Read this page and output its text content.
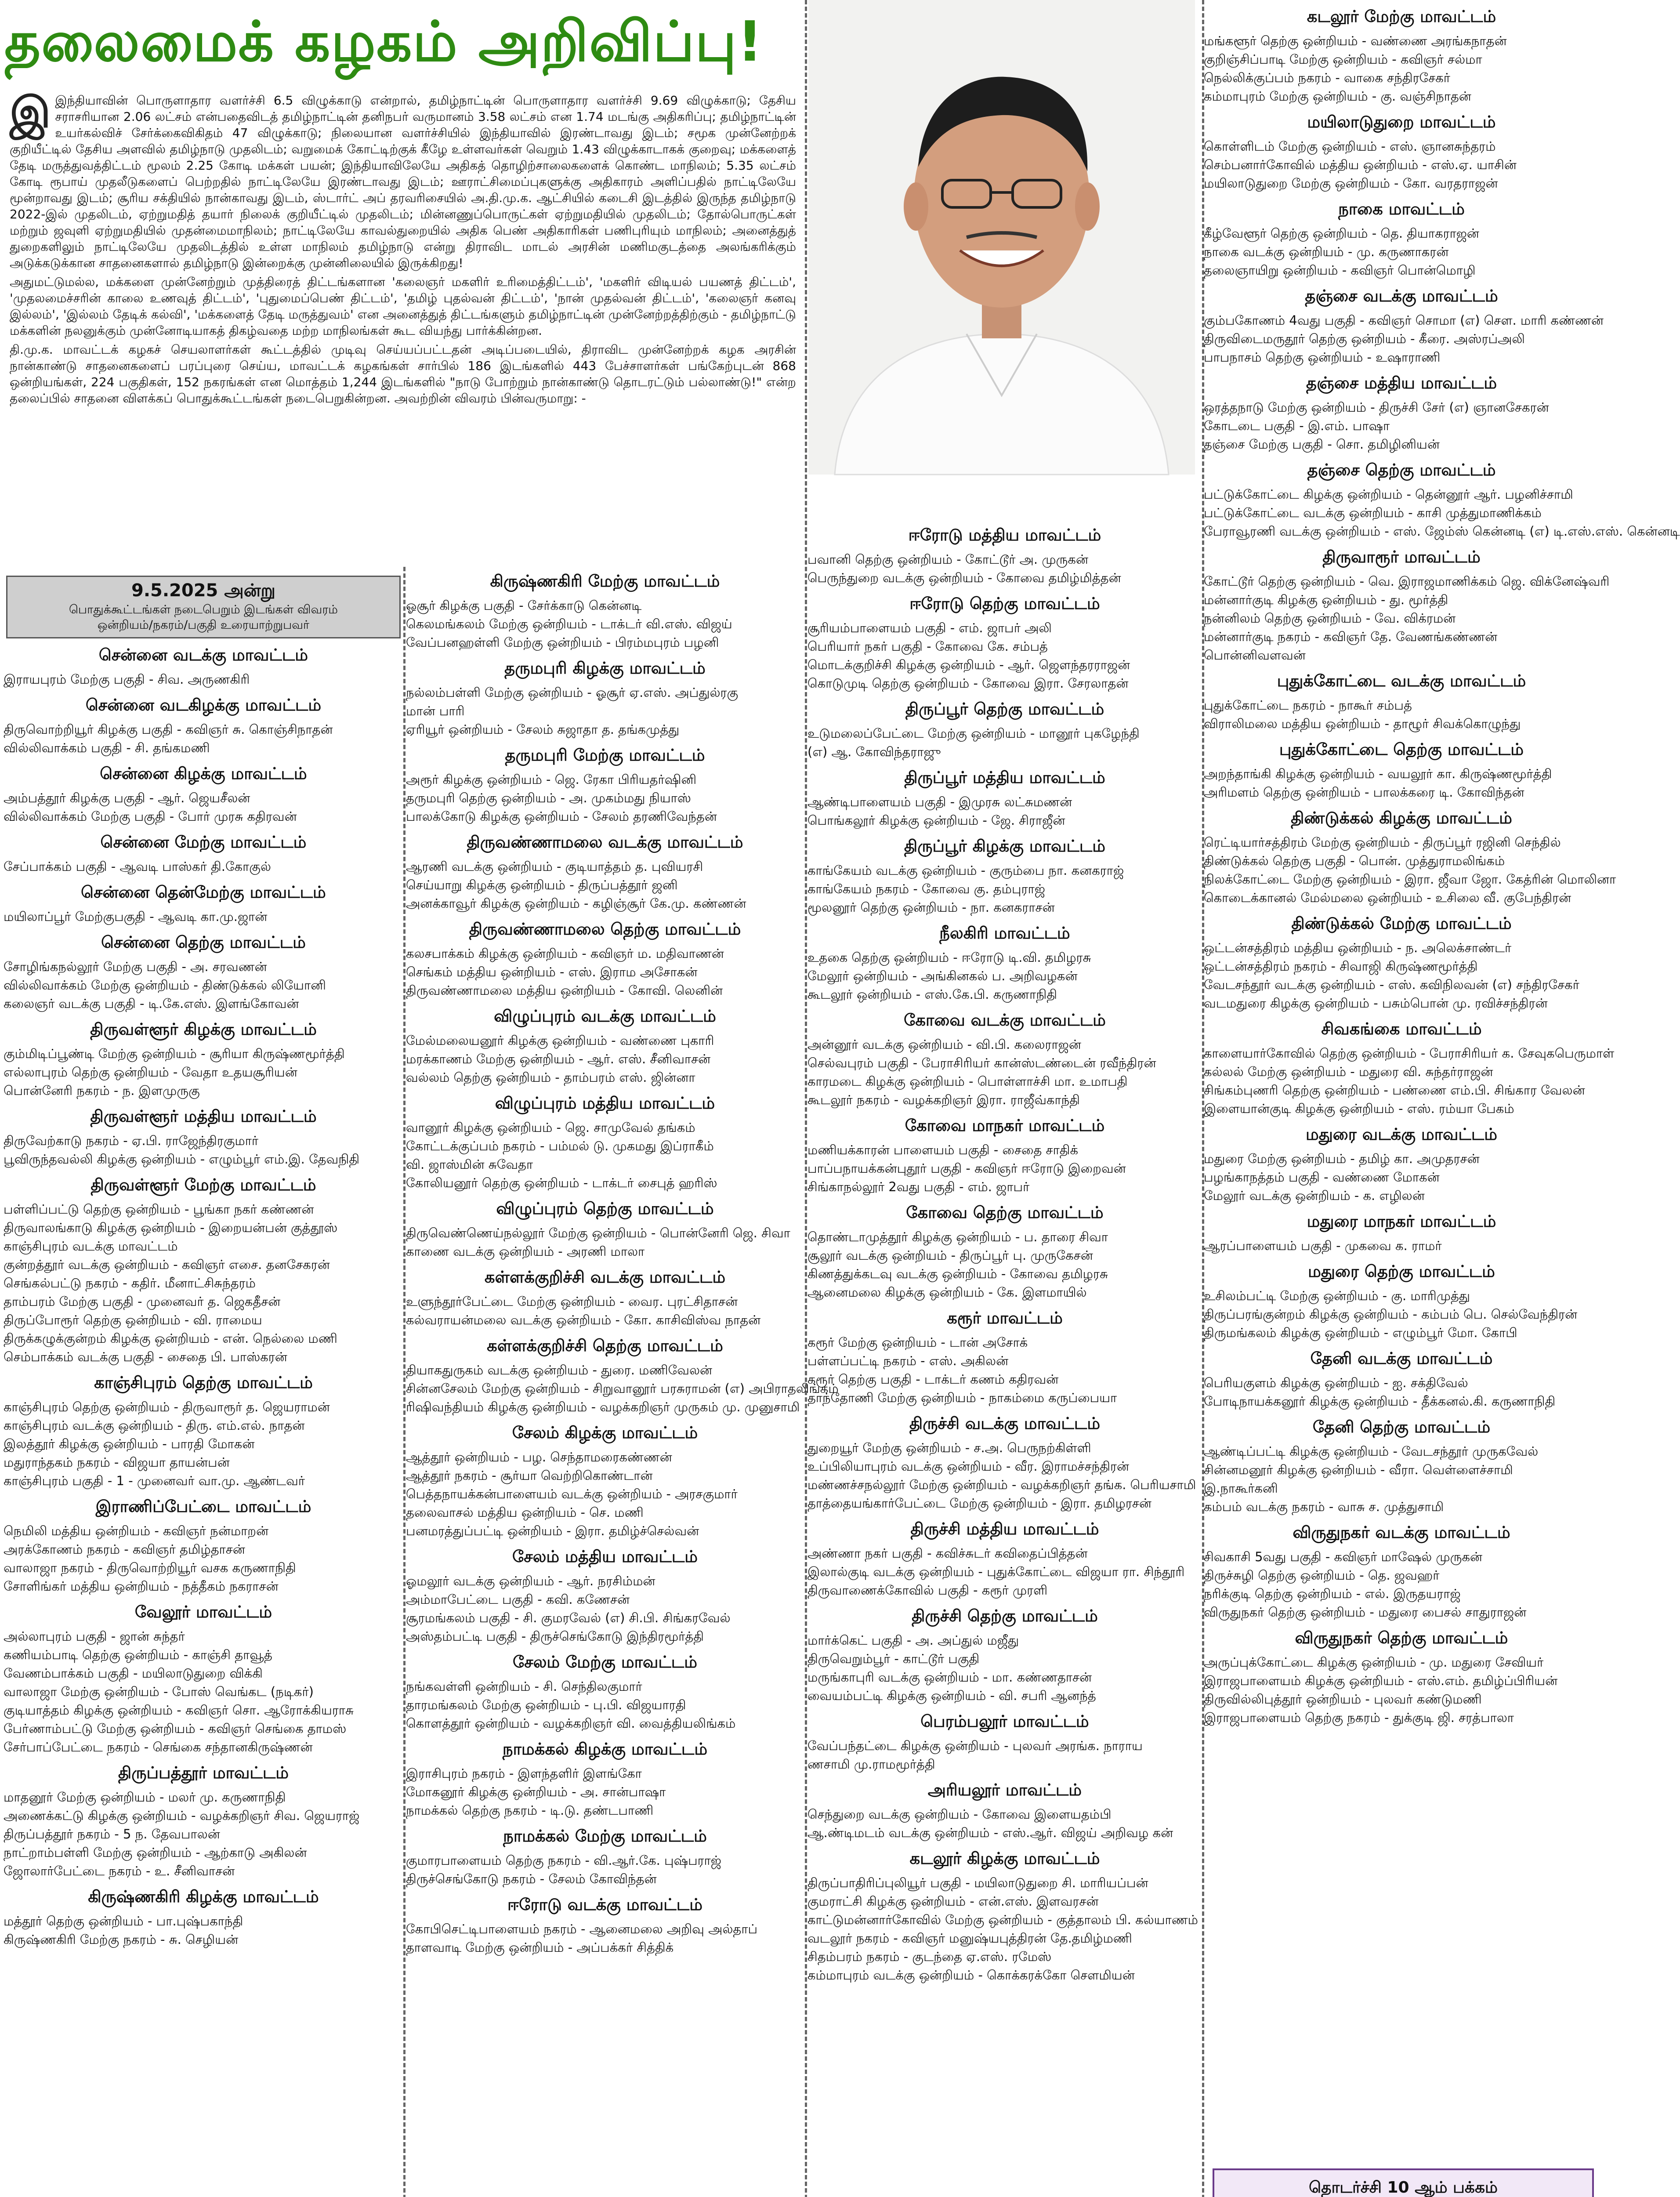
தலைமைக் கழகம் அறிவிப்பு!

இஇந்தியாவின் பொருளாதார வளர்ச்சி 6.5 விழுக்காடு என்றால், தமிழ்நாட்டின் பொருளாதார வளர்ச்சி 9.69 விழுக்காடு; தேசிய சராசரியான 2.06 லட்சம் என்பதைவிடத் தமிழ்நாட்டின் தனிநபர் வருமானம் 3.58 லட்சம் என 1.74 மடங்கு அதிகரிப்பு; தமிழ்நாட்டின் உயர்கல்விச் சேர்க்கைவிகிதம் 47 விழுக்காடு; நிலையான வளர்ச்சியில் இந்தியாவில் இரண்டாவது இடம்; சமூக முன்னேற்றக் குறியீட்டில் தேசிய அளவில் தமிழ்நாடு முதலிடம்; வறுமைக் கோட்டிற்குக் கீழே உள்ளவர்கள் வெறும் 1.43 விழுக்காடாகக் குறைவு; மக்களைத் தேடி மருத்துவத்திட்டம் மூலம் 2.25 கோடி மக்கள் பயன்; இந்தியாவிலேயே அதிகத் தொழிற்சாலைகளைக் கொண்ட மாநிலம்; 5.35 லட்சம் கோடி ரூபாய் முதலீடுகளைப் பெற்றதில் நாட்டிலேயே இரண்டாவது இடம்; ஊராட்சிமைப்புகளுக்கு அதிகாரம் அளிப்பதில் நாட்டிலேயே மூன்றாவது இடம்; சூரிய சக்தியில் நான்காவது இடம், ஸ்டார்ட் அப் தரவரிசையில் அ.தி.மு.க. ஆட்சியில் கடைசி இடத்தில் இருந்த தமிழ்நாடு 2022-இல் முதலிடம், ஏற்றுமதித் தயார் நிலைக் குறியீட்டில் முதலிடம்; மின்னணுப்பொருட்கள் ஏற்றுமதியில் முதலிடம்; தோல்பொருட்கள் மற்றும் ஜவுளி ஏற்றுமதியில் முதன்மைமாநிலம்; நாட்டிலேயே காவல்துறையில் அதிக பெண் அதிகாரிகள் பணிபுரியும் மாநிலம்; அனைத்துத் துறைகளிலும் நாட்டிலேயே முதலிடத்தில் உள்ள மாநிலம் தமிழ்நாடு என்று திராவிட மாடல் அரசின் மணிமகுடத்தை அலங்கரிக்கும் அடுக்கடுக்கான சாதனைகளால் தமிழ்நாடு இன்றைக்கு முன்னிலையில் இருக்கிறது!

அதுமட்டுமல்ல, மக்களை முன்னேற்றும் முத்திரைத் திட்டங்களான 'கலைஞர் மகளிர் உரிமைத்திட்டம்', 'மகளிர் விடியல் பயணத் திட்டம்', 'முதலமைச்சரின் காலை உணவுத் திட்டம்', 'புதுமைப்பெண் திட்டம்', 'தமிழ் புதல்வன் திட்டம்', 'நான் முதல்வன் திட்டம்', 'கலைஞர் கனவு இல்லம்', 'இல்லம் தேடிக் கல்வி', 'மக்களைத் தேடி மருத்துவம்' என அனைத்துத் திட்டங்களும் தமிழ்நாட்டின் முன்னேற்றத்திற்கும் - தமிழ்நாட்டு மக்களின் நலனுக்கும் முன்னோடியாகத் திகழ்வதை மற்ற மாநிலங்கள் கூட வியந்து பார்க்கின்றன.

தி.மு.க. மாவட்டக் கழகச் செயலாளர்கள் கூட்டத்தில் முடிவு செய்யப்பட்டதன் அடிப்படையில், திராவிட முன்னேற்றக் கழக அரசின் நான்காண்டு சாதனைகளைப் பரப்புரை செய்ய, மாவட்டக் கழகங்கள் சார்பில் 186 இடங்களில் 443 பேச்சாளர்கள் பங்கேற்புடன் 868 ஒன்றியங்கள், 224 பகுதிகள், 152 நகரங்கள் என மொத்தம் 1,244 இடங்களில் "நாடு போற்றும் நான்காண்டு தொடரட்டும் பல்லாண்டு!" என்ற தலைப்பில் சாதனை விளக்கப் பொதுக்கூட்டங்கள் நடைபெறுகின்றன. அவற்றின் விவரம் பின்வருமாறு: -

9.5.2025 அன்று
பொதுக்கூட்டங்கள் நடைபெறும் இடங்கள் விவரம்
ஒன்றியம்/நகரம்/பகுதி உரையாற்றுபவர்
சென்னை வடக்கு மாவட்டம்
இராயபுரம் மேற்கு பகுதி - சிவ. அருணகிரி
சென்னை வடகிழக்கு மாவட்டம்
திருவொற்றியூர் கிழக்கு பகுதி - கவிஞர் சு. கொஞ்சிநாதன்
வில்லிவாக்கம் பகுதி - சி. தங்கமணி
சென்னை கிழக்கு மாவட்டம்
அம்பத்தூர் கிழக்கு பகுதி - ஆர். ஜெயசீலன்
வில்லிவாக்கம் மேற்கு பகுதி - போர் முரசு கதிரவன்
சென்னை மேற்கு மாவட்டம்
சேப்பாக்கம் பகுதி - ஆவடி பாஸ்கர் தி.கோகுல்
சென்னை தென்மேற்கு மாவட்டம்
மயிலாப்பூர் மேற்குபகுதி - ஆவடி கா.மு.ஜான்
சென்னை தெற்கு மாவட்டம்
சோழிங்கநல்லூர் மேற்கு பகுதி - அ. சரவணன்
வில்லிவாக்கம் மேற்கு ஒன்றியம் - திண்டுக்கல் லியோனி
கலைஞர் வடக்கு பகுதி - டி.கே.எஸ். இளங்கோவன்
திருவள்ளூர் கிழக்கு மாவட்டம்
கும்மிடிப்பூண்டி மேற்கு ஒன்றியம் - சூரியா கிருஷ்ணமூர்த்தி
எல்லாபுரம் தெற்கு ஒன்றியம் - வேதா உதயசூரியன்
பொன்னேரி நகரம் - ந. இளமுருகு
திருவள்ளூர் மத்திய மாவட்டம்
திருவேற்காடு நகரம் - ஏ.பி. ராஜேந்திரகுமார்
பூவிருந்தவல்லி கிழக்கு ஒன்றியம் - எழும்பூர் எம்.இ. தேவநிதி
திருவள்ளூர் மேற்கு மாவட்டம்
பள்ளிப்பட்டு தெற்கு ஒன்றியம் - பூங்கா நகர் கண்ணன்
திருவாலங்காடு கிழக்கு ஒன்றியம் - இறையன்பன் குத்தூஸ்
காஞ்சிபுரம் வடக்கு மாவட்டம்
குன்றத்தூர் வடக்கு ஒன்றியம் - கவிஞர் எசை. தனசேகரன்
செங்கல்பட்டு நகரம் - கதிர். மீனாட்சிசுந்தரம்
தாம்பரம் மேற்கு பகுதி - முனைவர் த. ஜெகதீசன்
திருப்போரூர் தெற்கு ஒன்றியம் - வி. ராமைய
திருக்கழுக்குன்றம் கிழக்கு ஒன்றியம் - என். நெல்லை மணி
செம்பாக்கம் வடக்கு பகுதி - சைதை பி. பாஸ்கரன்
காஞ்சிபுரம் தெற்கு மாவட்டம்
காஞ்சிபுரம் தெற்கு ஒன்றியம் - திருவாரூர் த. ஜெயராமன்
காஞ்சிபுரம் வடக்கு ஒன்றியம் - திரு. எம்.எல். நாதன்
இலத்தூர் கிழக்கு ஒன்றியம் - பாரதி மோகன்
மதுராந்தகம் நகரம் - விஜயா தாயன்பன்
காஞ்சிபுரம் பகுதி - 1 - முனைவர் வா.மு. ஆண்டவர்
இராணிப்பேட்டை மாவட்டம்
நெமிலி மத்திய ஒன்றியம் - கவிஞர் நன்மாறன்
அரக்கோணம் நகரம் - கவிஞர் தமிழ்தாசன்
வாலாஜா நகரம் - திருவொற்றியூர் வசக கருணாநிதி
சோளிங்கர் மத்திய ஒன்றியம் - நத்தீகம் நகராசன்
வேலூர் மாவட்டம்
அல்லாபுரம் பகுதி - ஜான் சுந்தர்
கணியம்பாடி தெற்கு ஒன்றியம் - காஞ்சி தாவூத்
வேணம்பாக்கம் பகுதி - மயிலாடுதுறை விக்கி
வாலாஜா மேற்கு ஒன்றியம் - போஸ் வெங்கட (நடிகர்)
குடியாத்தம் கிழக்கு ஒன்றியம் - கவிஞர் சொ. ஆரோக்கியராசு
பேர்ணாம்பட்டு மேற்கு ஒன்றியம் - கவிஞர் செங்கை தாமஸ்
சேர்பாப்பேட்டை நகரம் - செங்கை சந்தானகிருஷ்ணன்
திருப்பத்தூர் மாவட்டம்
மாதனூர் மேற்கு ஒன்றியம் - மலர் மு. கருணாநிதி
அணைக்கட்டு கிழக்கு ஒன்றியம் - வழக்கறிஞர் சிவ. ஜெயராஜ்
திருப்பத்தூர் நகரம் - 5 ந. தேவபாலன்
நாட்றாம்பள்ளி மேற்கு ஒன்றியம் - ஆற்காடு அகிலன்
ஜோலார்பேட்டை நகரம் - உ. சீனிவாசன்
கிருஷ்ணகிரி கிழக்கு மாவட்டம்
மத்தூர் தெற்கு ஒன்றியம் - பா.புஷ்பகாந்தி
கிருஷ்ணகிரி மேற்கு நகரம் - சு. செழியன்
கிருஷ்ணகிரி மேற்கு மாவட்டம்
ஓசூர் கிழக்கு பகுதி - சேர்க்காடு கென்னடி
கெலமங்கலம் மேற்கு ஒன்றியம் - டாக்டர் வி.எஸ். விஜய்
வேப்பனஹள்ளி மேற்கு ஒன்றியம் - பிரம்மபுரம் பழனி
தருமபுரி கிழக்கு மாவட்டம்
நல்லம்பள்ளி மேற்கு ஒன்றியம் - ஓசூர் ஏ.எஸ். அப்துல்ரகு
மான் பாரி
ஏரியூர் ஒன்றியம் - சேலம் சுஜாதா த. தங்கமுத்து
தருமபுரி மேற்கு மாவட்டம்
அரூர் கிழக்கு ஒன்றியம் - ஜெ. ரேகா பிரியதர்ஷினி
தருமபுரி தெற்கு ஒன்றியம் - அ. முகம்மது நியாஸ்
பாலக்கோடு கிழக்கு ஒன்றியம் - சேலம் தரணிவேந்தன்
திருவண்ணாமலை வடக்கு மாவட்டம்
ஆரணி வடக்கு ஒன்றியம் - குடியாத்தம் த. புவியரசி
செய்யாறு கிழக்கு ஒன்றியம் - திருப்பத்தூர் ஜனி
அனக்காவூர் கிழக்கு ஒன்றியம் - கழிஞ்சூர் கே.மு. கண்ணன்
திருவண்ணாமலை தெற்கு மாவட்டம்
கலசபாக்கம் கிழக்கு ஒன்றியம் - கவிஞர் ம. மதிவாணன்
செங்கம் மத்திய ஒன்றியம் - எஸ். இராம அசோகன்
திருவண்ணாமலை மத்திய ஒன்றியம் - கோவி. லெனின்
விழுப்புரம் வடக்கு மாவட்டம்
மேல்மலையனூர் கிழக்கு ஒன்றியம் - வண்ணை புகாரி
மரக்காணம் மேற்கு ஒன்றியம் - ஆர். எஸ். சீனிவாசன்
வல்லம் தெற்கு ஒன்றியம் - தாம்பரம் எஸ். ஜின்னா
விழுப்புரம் மத்திய மாவட்டம்
வானூர் கிழக்கு ஒன்றியம் - ஜெ. சாமுவேல் தங்கம்
கோட்டக்குப்பம் நகரம் - பம்மல் டு. முகமது இப்ராகீம்
வி. ஜாஸ்மின் சுவேதா
கோலியனூர் தெற்கு ஒன்றியம் - டாக்டர் சைபுத் ஹரிஸ்
விழுப்புரம் தெற்கு மாவட்டம்
திருவெண்ணெய்நல்லூர் மேற்கு ஒன்றியம் - பொன்னேரி ஜெ. சிவா
காணை வடக்கு ஒன்றியம் - அரணி மாலா
கள்ளக்குறிச்சி வடக்கு மாவட்டம்
உளுந்தூர்பேட்டை மேற்கு ஒன்றியம் - வைர. புரட்சிதாசன்
கல்வராயன்மலை வடக்கு ஒன்றியம் - கோ. காசிவிஸ்வ நாதன்
கள்ளக்குறிச்சி தெற்கு மாவட்டம்
தியாகதுருகம் வடக்கு ஒன்றியம் - துரை. மணிவேலன்
சின்னசேலம் மேற்கு ஒன்றியம் - சிறுவானூர் பரசுராமன் (எ) அபிராதலிங்கம்
ரிஷிவந்தியம் கிழக்கு ஒன்றியம் - வழக்கறிஞர் முருகம் மு. முனுசாமி
சேலம் கிழக்கு மாவட்டம்
ஆத்தூர் ஒன்றியம் - பழ. செந்தாமரைகண்ணன்
ஆத்தூர் நகரம் - சூர்யா வெற்றிகொண்டான்
பெத்தநாயக்கன்பாளையம் வடக்கு ஒன்றியம் - அரசகுமார்
தலைவாசல் மத்திய ஒன்றியம் - செ. மணி
பனமரத்துப்பட்டி ஒன்றியம் - இரா. தமிழ்ச்செல்வன்
சேலம் மத்திய மாவட்டம்
ஓமலூர் வடக்கு ஒன்றியம் - ஆர். நரசிம்மன்
அம்மாபேட்டை பகுதி - கவி. கணேசன்
சூரமங்கலம் பகுதி - சி. குமரவேல் (எ) சி.பி. சிங்கரவேல்
அஸ்தம்பட்டி பகுதி - திருச்செங்கோடு இந்திரமூர்த்தி
சேலம் மேற்கு மாவட்டம்
நங்கவள்ளி ஒன்றியம் - சி. செந்திலகுமார்
தாரமங்கலம் மேற்கு ஒன்றியம் - பு.பி. விஜயாரதி
கொளத்தூர் ஒன்றியம் - வழக்கறிஞர் வி. வைத்தியலிங்கம்
நாமக்கல் கிழக்கு மாவட்டம்
இராசிபுரம் நகரம் - இளந்தளிர் இளங்கோ
மோகனூர் கிழக்கு ஒன்றியம் - அ. சான்பாஷா
நாமக்கல் தெற்கு நகரம் - டி.டு. தண்டபாணி
நாமக்கல் மேற்கு மாவட்டம்
குமாரபாளையம் தெற்கு நகரம் - வி.ஆர்.கே. புஷ்பராஜ்
திருச்செங்கோடு நகரம் - சேலம் கோவிந்தன்
ஈரோடு வடக்கு மாவட்டம்
கோபிசெட்டிபாளையம் நகரம் - ஆனைமலை அறிவு அல்தாப்
தாளவாடி மேற்கு ஒன்றியம் - அப்பக்கர் சித்திக்
ஈரோடு மத்திய மாவட்டம்
பவானி தெற்கு ஒன்றியம் - கோட்டூர் அ. முருகன்
பெருந்துறை வடக்கு ஒன்றியம் - கோவை தமிழ்மித்தன்
ஈரோடு தெற்கு மாவட்டம்
சூரியம்பாளையம் பகுதி - எம். ஜாபர் அலி
பெரியார் நகர் பகுதி - கோவை கே. சம்பத்
மொடக்குறிச்சி கிழக்கு ஒன்றியம் - ஆர். ஜெளந்தரராஜன்
கொடுமுடி தெற்கு ஒன்றியம் - கோவை இரா. சேரலாதன்
திருப்பூர் தெற்கு மாவட்டம்
உடுமலைப்பேட்டை மேற்கு ஒன்றியம் - மானூர் புகழேந்தி
(எ) ஆ. கோவிந்தராஜு
திருப்பூர் மத்திய மாவட்டம்
ஆண்டிபாளையம் பகுதி - இமுரசு லட்சுமணன்
பொங்கலூர் கிழக்கு ஒன்றியம் - ஜே. சிராஜீன்
திருப்பூர் கிழக்கு மாவட்டம்
காங்கேயம் வடக்கு ஒன்றியம் - குரும்பை நா. கனகராஜ்
காங்கேயம் நகரம் - கோவை கு. தம்புராஜ்
மூலனூர் தெற்கு ஒன்றியம் - நா. கனகராசன்
நீலகிரி மாவட்டம்
உதகை தெற்கு ஒன்றியம் - ஈரோடு டி.வி. தமிழரசு
மேலூர் ஒன்றியம் - அங்கினகல் ப. அறிவழகன்
கூடலூர் ஒன்றியம் - எஸ்.கே.பி. கருணாநிதி
கோவை வடக்கு மாவட்டம்
அன்னூர் வடக்கு ஒன்றியம் - வி.பி. கலைராஜன்
செல்வபுரம் பகுதி - பேராசிரியர் கான்ஸ்டண்டைன் ரவீந்திரன்
காரமடை கிழக்கு ஒன்றியம் - பொள்ளாச்சி மா. உமாபதி
கூடலூர் நகரம் - வழக்கறிஞர் இரா. ராஜீவ்காந்தி
கோவை மாநகர் மாவட்டம்
மணியக்காரன் பாளையம் பகுதி - சைதை சாதிக்
பாப்பநாயக்கன்புதூர் பகுதி - கவிஞர் ஈரோடு இறைவன்
சிங்காநல்லூர் 2வது பகுதி - எம். ஜாபர்
கோவை தெற்கு மாவட்டம்
தொண்டாமுத்தூர் கிழக்கு ஒன்றியம் - ப. தாரை சிவா
சூலூர் வடக்கு ஒன்றியம் - திருப்பூர் பு. முருகேசன்
கிணத்துக்கடவு வடக்கு ஒன்றியம் - கோவை தமிழரசு
ஆனைமலை கிழக்கு ஒன்றியம் - கே. இளமாயில்
கரூர் மாவட்டம்
கரூர் மேற்கு ஒன்றியம் - டான் அசோக்
பள்ளப்பட்டி நகரம் - எஸ். அகிலன்
கரூர் தெற்கு பகுதி - டாக்டர் கணம் கதிரவன்
தாந்தோணி மேற்கு ஒன்றியம் - நாகம்மை கருப்பையா
திருச்சி வடக்கு மாவட்டம்
துறையூர் மேற்கு ஒன்றியம் - ச.அ. பெருநற்கிள்ளி
உப்பிலியாபுரம் வடக்கு ஒன்றியம் - வீர. இராமச்சந்திரன்
மண்ணச்சநல்லூர் மேற்கு ஒன்றியம் - வழக்கறிஞர் தங்க. பெரியசாமி
தாத்தையங்கார்பேட்டை மேற்கு ஒன்றியம் - இரா. தமிழரசன்
திருச்சி மத்திய மாவட்டம்
அண்ணா நகர் பகுதி - கவிச்சுடர் கவிதைப்பித்தன்
இலால்குடி வடக்கு ஒன்றியம் - புதுக்கோட்டை விஜயா ரா. சிந்தூரி
திருவாணைக்கோவில் பகுதி - கரூர் முரளி
திருச்சி தெற்கு மாவட்டம்
மார்க்கெட் பகுதி - அ. அப்துல் மஜீது
திருவெறும்பூர் - காட்டூர் பகுதி
மருங்காபுரி வடக்கு ஒன்றியம் - மா. கண்ணதாசன்
வையம்பட்டி கிழக்கு ஒன்றியம் - வி. சபரி ஆனந்த்
பெரம்பலூர் மாவட்டம்
வேப்பந்தட்டை கிழக்கு ஒன்றியம் - புலவர் அரங்க. நாராய
ணசாமி மு.ராமமூர்த்தி
அரியலூர் மாவட்டம்
செந்துறை வடக்கு ஒன்றியம் - கோவை இளையதம்பி
ஆ.ண்டிமடம் வடக்கு ஒன்றியம் - எஸ்.ஆர். விஜய் அறிவழ கன்
கடலூர் கிழக்கு மாவட்டம்
திருப்பாதிரிப்புலியூர் பகுதி - மயிலாடுதுறை சி. மாரியப்பன்
குமராட்சி கிழக்கு ஒன்றியம் - என்.எஸ். இளவரசன்
காட்டுமன்னார்கோவில் மேற்கு ஒன்றியம் - குத்தாலம் பி. கல்யாணம்
வடலூர் நகரம் - கவிஞர் மனுஷ்யபுத்திரன் தே.தமிழ்மணி
சிதம்பரம் நகரம் - குடந்தை ஏ.எஸ். ரமேஸ்
கம்மாபுரம் வடக்கு ஒன்றியம் - கொக்கரக்கோ சௌமியன்
கடலூர் மேற்கு மாவட்டம்
மங்களூர் தெற்கு ஒன்றியம் - வண்ணை அரங்கநாதன்
குறிஞ்சிப்பாடி மேற்கு ஒன்றியம் - கவிஞர் சல்மா
நெல்லிக்குப்பம் நகரம் - வாகை சந்திரசேகர்
கம்மாபுரம் மேற்கு ஒன்றியம் - கு. வஞ்சிநாதன்
மயிலாடுதுறை மாவட்டம்
கொள்ளிடம் மேற்கு ஒன்றியம் - எஸ். ஞானசுந்தரம்
செம்பனார்கோவில் மத்திய ஒன்றியம் - எஸ்.ஏ. யாசின்
மயிலாடுதுறை மேற்கு ஒன்றியம் - கோ. வரதராஜன்
நாகை மாவட்டம்
கீழ்வேளூர் தெற்கு ஒன்றியம் - தெ. தியாகராஜன்
நாகை வடக்கு ஒன்றியம் - மு. கருணாகரன்
தலைஞாயிறு ஒன்றியம் - கவிஞர் பொன்மொழி
தஞ்சை வடக்கு மாவட்டம்
கும்பகோணம் 4வது பகுதி - கவிஞர் சொமா (எ) சௌ. மாரி கண்ணன்
திருவிடைமருதூர் தெற்கு ஒன்றியம் - கீரை. அஸ்ரப்அலி
பாபநாசம் தெற்கு ஒன்றியம் - உஷாராணி
தஞ்சை மத்திய மாவட்டம்
ஒரத்தநாடு மேற்கு ஒன்றியம் - திருச்சி சேர் (எ) ஞானசேகரன்
கோடடை பகுதி - இ.எம். பாஷா
தஞ்சை மேற்கு பகுதி - சொ. தமிழினியன்
தஞ்சை தெற்கு மாவட்டம்
பட்டுக்கோட்டை கிழக்கு ஒன்றியம் - தென்னூர் ஆர். பழனிச்சாமி
பட்டுக்கோட்டை வடக்கு ஒன்றியம் - காசி முத்துமாணிக்கம்
பேராவூரணி வடக்கு ஒன்றியம் - எஸ். ஜேம்ஸ் கென்னடி (எ) டி.எஸ்.எஸ். கென்னடி
திருவாரூர் மாவட்டம்
கோட்டூர் தெற்கு ஒன்றியம் - வெ. இராஜமாணிக்கம் ஜெ. விக்னேஷ்வரி
மன்னார்குடி கிழக்கு ஒன்றியம் - து. மூர்த்தி
நன்னிலம் தெற்கு ஒன்றியம் - வே. விக்ரமன்
மன்னார்குடி நகரம் - கவிஞர் தே. வேணங்கண்ணன்
பொன்னிவளவன்
புதுக்கோட்டை வடக்கு மாவட்டம்
புதுக்கோட்டை நகரம் - நாகூர் சம்பத்
விராலிமலை மத்திய ஒன்றியம் - தாழூர் சிவக்கொழுந்து
புதுக்கோட்டை தெற்கு மாவட்டம்
அறந்தாங்கி கிழக்கு ஒன்றியம் - வயலூர் கா. கிருஷ்ணமூர்த்தி
அரிமளம் தெற்கு ஒன்றியம் - பாலக்கரை டி. கோவிந்தன்
திண்டுக்கல் கிழக்கு மாவட்டம்
ரெட்டியார்சத்திரம் மேற்கு ஒன்றியம் - திருப்பூர் ரஜினி செந்தில்
திண்டுக்கல் தெற்கு பகுதி - பொன். முத்துராமலிங்கம்
நிலக்கோட்டை மேற்கு ஒன்றியம் - இரா. ஜீவா ஜோ. கேத்ரின் மொலினா
கொடைக்கானல் மேல்மலை ஒன்றியம் - உசிலை வீ. குபேந்திரன்
திண்டுக்கல் மேற்கு மாவட்டம்
ஒட்டன்சத்திரம் மத்திய ஒன்றியம் - ந. அலெக்சாண்டர்
ஒட்டன்சத்திரம் நகரம் - சிவாஜி கிருஷ்ணமூர்த்தி
வேடசந்தூர் வடக்கு ஒன்றியம் - எஸ். கவிநிலவன் (எ) சந்திரசேகர்
வடமதுரை கிழக்கு ஒன்றியம் - பசும்பொன் மு. ரவிச்சந்திரன்
சிவகங்கை மாவட்டம்
காளையார்கோவில் தெற்கு ஒன்றியம் - பேராசிரியர் க. சேவுகபெருமாள்
கல்லல் மேற்கு ஒன்றியம் - மதுரை வி. சுந்தர்ராஜன்
சிங்கம்புணரி தெற்கு ஒன்றியம் - பண்ணை எம்.பி. சிங்கார வேலன்
இளையான்குடி கிழக்கு ஒன்றியம் - எஸ். ரம்யா பேகம்
மதுரை வடக்கு மாவட்டம்
மதுரை மேற்கு ஒன்றியம் - தமிழ் கா. அமுதரசன்
பழங்காநத்தம் பகுதி - வண்ணை மோகன்
மேலூர் வடக்கு ஒன்றியம் - க. எழிலன்
மதுரை மாநகர் மாவட்டம்
ஆரப்பாளையம் பகுதி - முகவை க. ராமர்
மதுரை தெற்கு மாவட்டம்
உசிலம்பட்டி மேற்கு ஒன்றியம் - கு. மாரிமுத்து
திருப்பரங்குன்றம் கிழக்கு ஒன்றியம் - கம்பம் பெ. செல்வேந்திரன்
திருமங்கலம் கிழக்கு ஒன்றியம் - எழும்பூர் மோ. கோபி
தேனி வடக்கு மாவட்டம்
பெரியகுளம் கிழக்கு ஒன்றியம் - ஐ. சக்திவேல்
போடிநாயக்கனூர் கிழக்கு ஒன்றியம் - தீக்கனல்.கி. கருணாநிதி
தேனி தெற்கு மாவட்டம்
ஆண்டிப்பட்டி கிழக்கு ஒன்றியம் - வேடசந்தூர் முருகவேல்
சின்னமனூர் கிழக்கு ஒன்றியம் - வீரா. வெள்ளைச்சாமி
இ.நாகூர்கனி
கம்பம் வடக்கு நகரம் - வாசு ச. முத்துசாமி
விருதுநகர் வடக்கு மாவட்டம்
சிவகாசி 5வது பகுதி - கவிஞர் மாஷேல் முருகன்
திருச்சுழி தெற்கு ஒன்றியம் - தெ. ஜவஹர்
நரிக்குடி தெற்கு ஒன்றியம் - எல். இருதயராஜ்
விருதுநகர் தெற்கு ஒன்றியம் - மதுரை பைசல் சாதுராஜன்
விருதுநகர் தெற்கு மாவட்டம்
அருப்புக்கோட்டை கிழக்கு ஒன்றியம் - மு. மதுரை சேவியர்
இராஜபாளையம் கிழக்கு ஒன்றியம் - எஸ்.எம். தமிழ்ப்பிரியன்
திருவில்லிபுத்தூர் ஒன்றியம் - புலவர் கண்டுமணி
இராஜபாளையம் தெற்கு நகரம் - துக்குடி ஜி. சரத்பாலா
தொடர்ச்சி 10 ஆம் பக்கம்
